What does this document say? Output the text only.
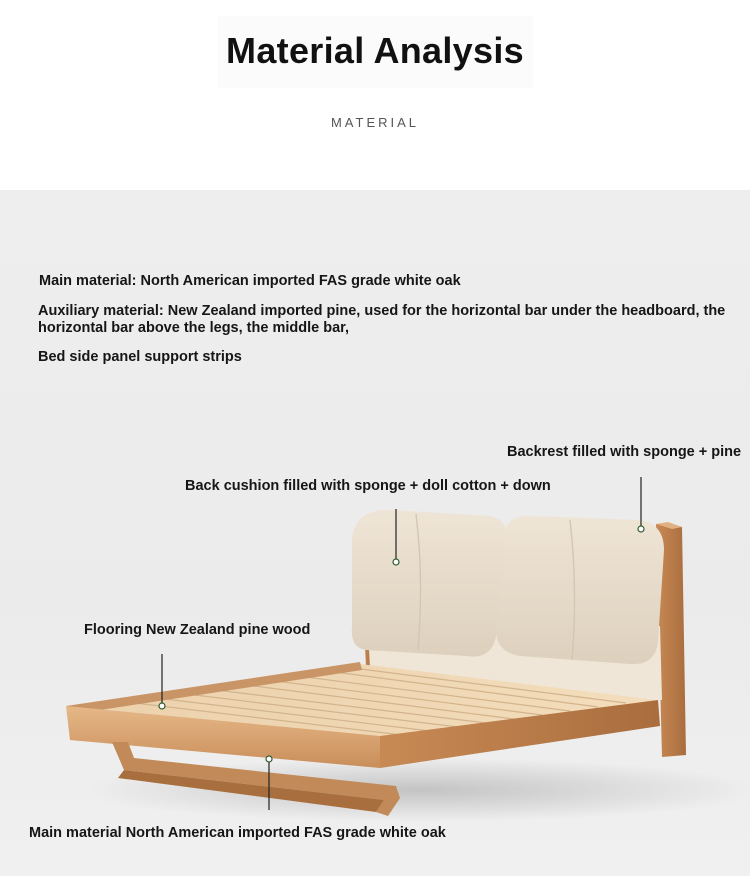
Material Analysis
MATERIAL
Main material: North American imported FAS grade white oak
Auxiliary material: New Zealand imported pine, used for the horizontal bar under the headboard, the horizontal bar above the legs, the middle bar,
Bed side panel support strips
Backrest filled with sponge + pine
Back cushion filled with sponge + doll cotton + down
Flooring New Zealand pine wood
Main material North American imported FAS grade white oak
